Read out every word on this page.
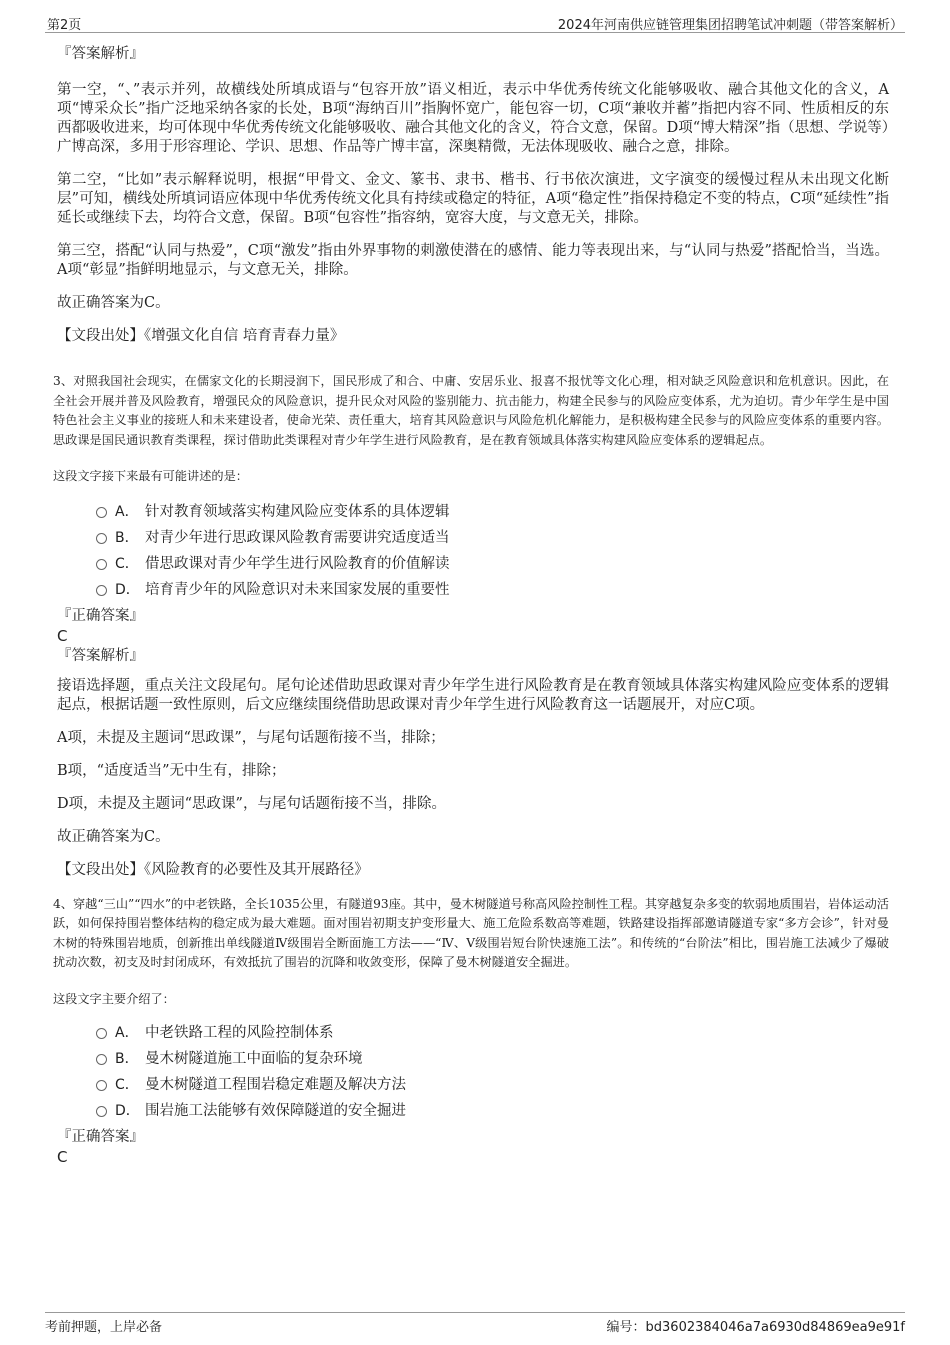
第2页	2024年河南供应链管理集团招聘笔试冲刺题（带答案解析）

『答案解析』

第一空，“、”表示并列，故横线处所填成语与“包容开放”语义相近，表示中华优秀传统文化能够吸收、融合其他文化的含义，A项“博采众长”指广泛地采纳各家的长处，B项“海纳百川”指胸怀宽广，能包容一切，C项“兼收并蓄”指把内容不同、性质相反的东西都吸收进来，均可体现中华优秀传统文化能够吸收、融合其他文化的含义，符合文意，保留。D项“博大精深”指（思想、学说等）广博高深，多用于形容理论、学识、思想、作品等广博丰富，深奥精微，无法体现吸收、融合之意，排除。

第二空，“比如”表示解释说明，根据“甲骨文、金文、篆书、隶书、楷书、行书依次演进，文字演变的缓慢过程从未出现文化断层”可知，横线处所填词语应体现中华优秀传统文化具有持续或稳定的特征，A项“稳定性”指保持稳定不变的特点，C项“延续性”指延长或继续下去，均符合文意，保留。B项“包容性”指容纳，宽容大度，与文意无关，排除。

第三空，搭配“认同与热爱”，C项“激发”指由外界事物的刺激使潜在的感情、能力等表现出来，与“认同与热爱”搭配恰当，当选。A项“彰显”指鲜明地显示，与文意无关，排除。

故正确答案为C。

【文段出处】《增强文化自信 培育青春力量》

3、对照我国社会现实，在儒家文化的长期浸润下，国民形成了和合、中庸、安居乐业、报喜不报忧等文化心理，相对缺乏风险意识和危机意识。因此，在全社会开展并普及风险教育，增强民众的风险意识，提升民众对风险的鉴别能力、抗击能力，构建全民参与的风险应变体系，尤为迫切。青少年学生是中国特色社会主义事业的接班人和未来建设者，使命光荣、责任重大，培育其风险意识与风险危机化解能力，是积极构建全民参与的风险应变体系的重要内容。思政课是国民通识教育类课程，探讨借助此类课程对青少年学生进行风险教育，是在教育领域具体落实构建风险应变体系的逻辑起点。

这段文字接下来最有可能讲述的是：

A． 针对教育领域落实构建风险应变体系的具体逻辑
B． 对青少年进行思政课风险教育需要讲究适度适当
C． 借思政课对青少年学生进行风险教育的价值解读
D． 培育青少年的风险意识对未来国家发展的重要性

『正确答案』

C

『答案解析』

接语选择题，重点关注文段尾句。尾句论述借助思政课对青少年学生进行风险教育是在教育领域具体落实构建风险应变体系的逻辑起点，根据话题一致性原则，后文应继续围绕借助思政课对青少年学生进行风险教育这一话题展开，对应C项。

A项，未提及主题词“思政课”，与尾句话题衔接不当，排除；

B项，“适度适当”无中生有，排除；

D项，未提及主题词“思政课”，与尾句话题衔接不当，排除。

故正确答案为C。

【文段出处】《风险教育的必要性及其开展路径》

4、穿越“三山”“四水”的中老铁路，全长1035公里，有隧道93座。其中，曼木树隧道号称高风险控制性工程。其穿越复杂多变的软弱地质围岩，岩体运动活跃，如何保持围岩整体结构的稳定成为最大难题。面对围岩初期支护变形量大、施工危险系数高等难题，铁路建设指挥部邀请隧道专家“多方会诊”，针对曼木树的特殊围岩地质，创新推出单线隧道Ⅳ级围岩全断面施工方法——“Ⅳ、Ⅴ级围岩短台阶快速施工法”。和传统的“台阶法”相比，围岩施工法减少了爆破扰动次数，初支及时封闭成环，有效抵抗了围岩的沉降和收敛变形，保障了曼木树隧道安全掘进。

这段文字主要介绍了：

A． 中老铁路工程的风险控制体系
B． 曼木树隧道施工中面临的复杂环境
C． 曼木树隧道工程围岩稳定难题及解决方法
D． 围岩施工法能够有效保障隧道的安全掘进

『正确答案』

C

考前押题，上岸必备	编号：bd3602384046a7a6930d84869ea9e91f
